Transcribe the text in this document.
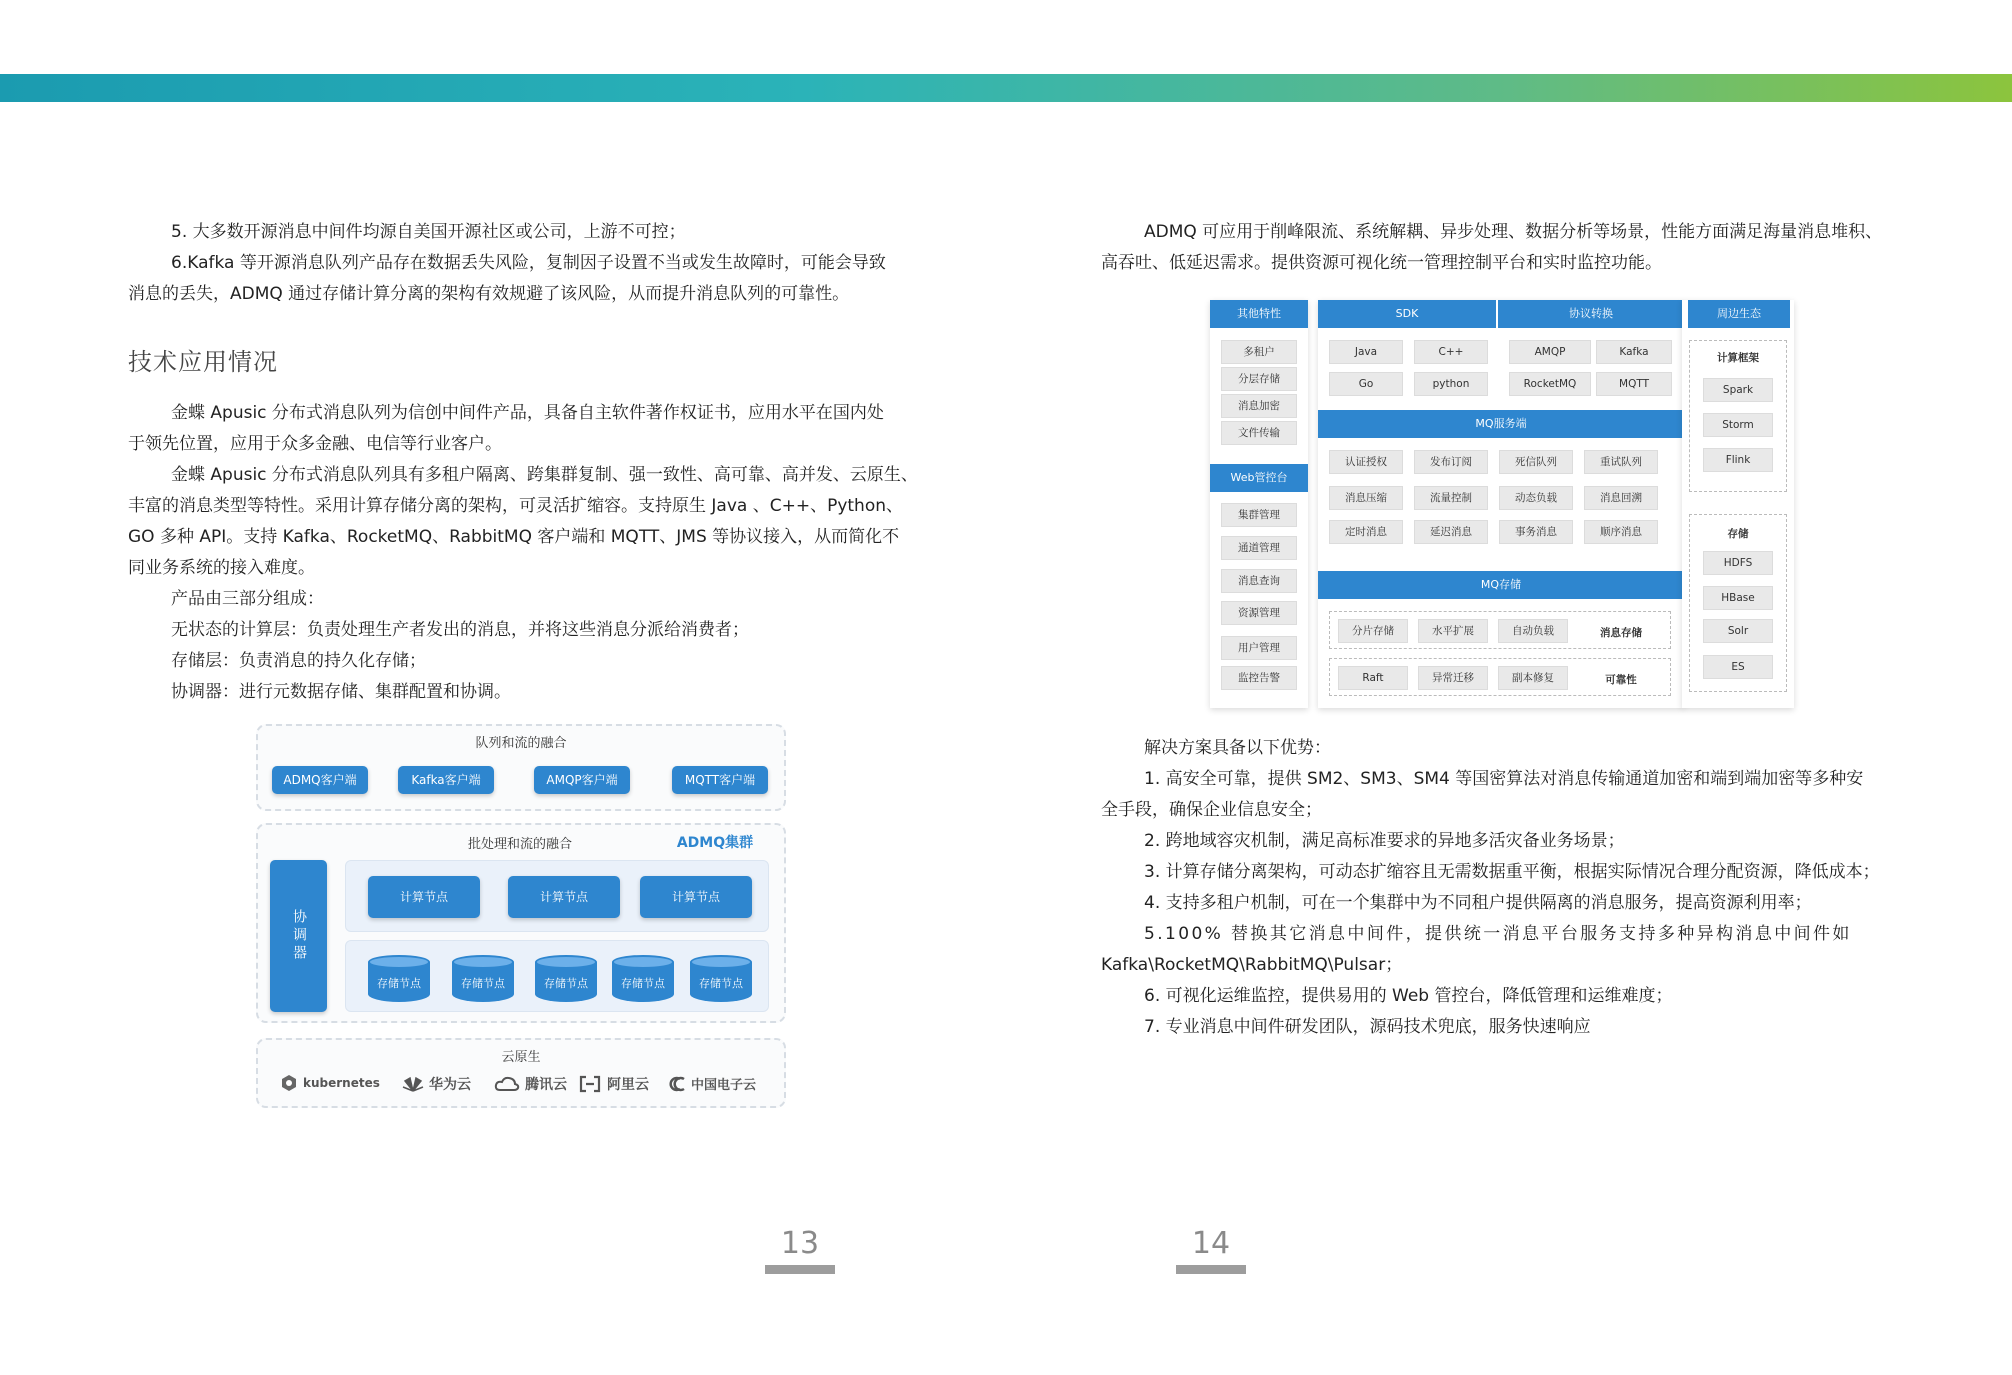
5. 大多数开源消息中间件均源自美国开源社区或公司，上游不可控；
6.Kafka 等开源消息队列产品存在数据丢失风险，复制因子设置不当或发生故障时，可能会导致
消息的丢失，ADMQ 通过存储计算分离的架构有效规避了该风险，从而提升消息队列的可靠性。
技术应用情况
金蝶 Apusic 分布式消息队列为信创中间件产品，具备自主软件著作权证书，应用水平在国内处
于领先位置，应用于众多金融、电信等行业客户。
金蝶 Apusic 分布式消息队列具有多租户隔离、跨集群复制、强一致性、高可靠、高并发、云原生、
丰富的消息类型等特性。采用计算存储分离的架构，可灵活扩缩容。支持原生 Java 、C++、Python、
GO 多种 API。支持 Kafka、RocketMQ、RabbitMQ 客户端和 MQTT、JMS 等协议接入，从而简化不
同业务系统的接入难度。
产品由三部分组成：
无状态的计算层：负责处理生产者发出的消息，并将这些消息分派给消费者；
存储层：负责消息的持久化存储；
协调器：进行元数据存储、集群配置和协调。
队列和流的融合
ADMQ客户端	Kafka客户端	AMQP客户端	MQTT客户端
批处理和流的融合	ADMQ集群
协调器
计算节点	计算节点	计算节点
存储节点	存储节点	存储节点	存储节点	存储节点
云原生
kubernetes	华为云	腾讯云	阿里云	中国电子云
13
ADMQ 可应用于削峰限流、系统解耦、异步处理、数据分析等场景，性能方面满足海量消息堆积、
高吞吐、低延迟需求。提供资源可视化统一管理控制平台和实时监控功能。
其他特性
多租户
分层存储
消息加密
文件传输
Web管控台
集群管理
通道管理
消息查询
资源管理
用户管理
监控告警
SDK
Java	C++
Go	python
协议转换
AMQP	Kafka
RocketMQ	MQTT
MQ服务端
认证授权	发布订阅	死信队列	重试队列
消息压缩	流量控制	动态负载	消息回溯
定时消息	延迟消息	事务消息	顺序消息
MQ存储
分片存储	水平扩展	自动负载	消息存储
Raft	异常迁移	副本修复	可靠性
周边生态
计算框架
Spark
Storm
Flink
存储
HDFS
HBase
Solr
ES
解决方案具备以下优势：
1. 高安全可靠，提供 SM2、SM3、SM4 等国密算法对消息传输通道加密和端到端加密等多种安
全手段，确保企业信息安全；
2. 跨地域容灾机制，满足高标准要求的异地多活灾备业务场景；
3. 计算存储分离架构，可动态扩缩容且无需数据重平衡，根据实际情况合理分配资源，降低成本；
4. 支持多租户机制，可在一个集群中为不同租户提供隔离的消息服务，提高资源利用率；
5.100% 替换其它消息中间件，提供统一消息平台服务支持多种异构消息中间件如
Kafka\RocketMQ\RabbitMQ\Pulsar；
6. 可视化运维监控，提供易用的 Web 管控台，降低管理和运维难度；
7. 专业消息中间件研发团队，源码技术兜底，服务快速响应
14
